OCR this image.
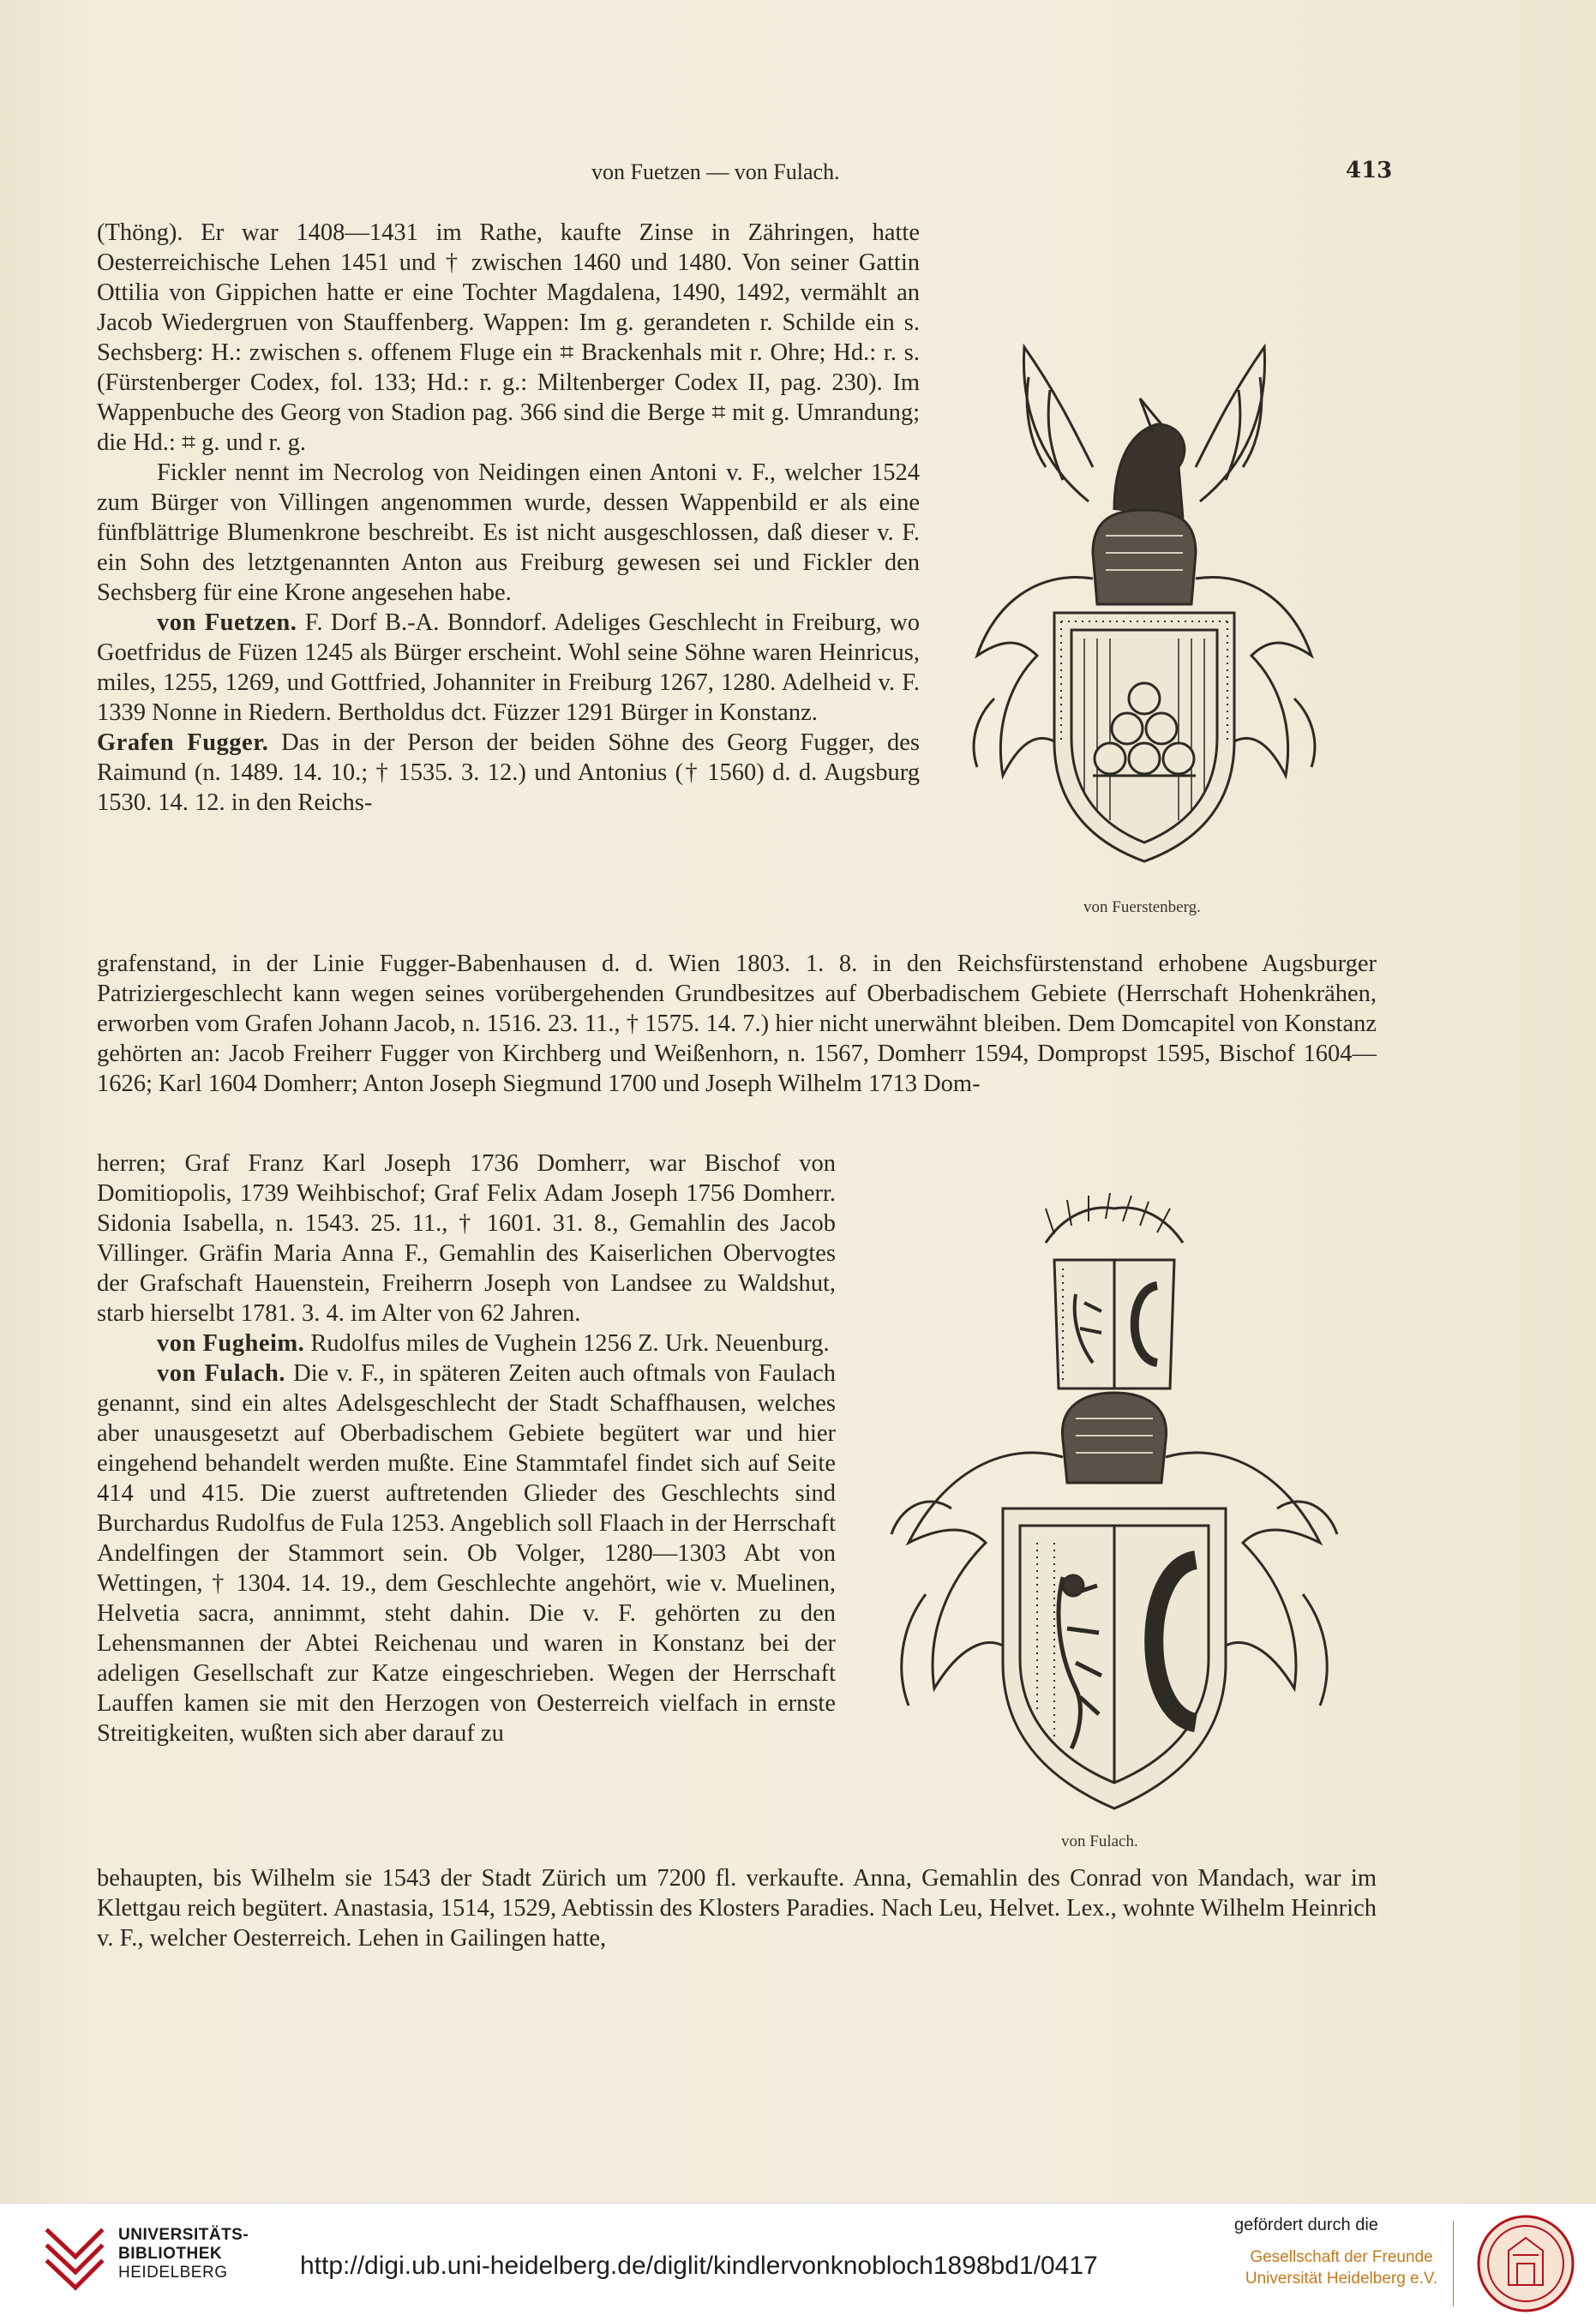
von Fuetzen — von Fulach.	413

(Thöng). Er war 1408—1431 im Rathe, kaufte Zinse in Zähringen, hatte Oesterreichische Lehen 1451 und † zwischen 1460 und 1480. Von seiner Gattin Ottilia von Gippichen hatte er eine Tochter Magdalena, 1490, 1492, vermählt an Jacob Wiedergruen von Stauffenberg. Wappen: Im g. gerandeten r. Schilde ein s. Sechsberg: H.: zwischen s. offenem Fluge ein ⌗ Brackenhals mit r. Ohre; Hd.: r. s. (Fürstenberger Codex, fol. 133; Hd.: r. g.: Miltenberger Codex II, pag. 230). Im Wappenbuche des Georg von Stadion pag. 366 sind die Berge ⌗ mit g. Umrandung; die Hd.: ⌗ g. und r. g.

Fickler nennt im Necrolog von Neidingen einen Antoni v. F., welcher 1524 zum Bürger von Villingen angenommen wurde, dessen Wappenbild er als eine fünfblättrige Blumenkrone beschreibt. Es ist nicht ausgeschlossen, daß dieser v. F. ein Sohn des letztgenannten Anton aus Freiburg gewesen sei und Fickler den Sechsberg für eine Krone angesehen habe.

von Fuetzen. F. Dorf B.-A. Bonndorf. Adeliges Geschlecht in Freiburg, wo Goetfridus de Füzen 1245 als Bürger erscheint. Wohl seine Söhne waren Heinricus, miles, 1255, 1269, und Gottfried, Johanniter in Freiburg 1267, 1280. Adelheid v. F. 1339 Nonne in Riedern. Bertholdus dct. Füzzer 1291 Bürger in Konstanz.

Grafen Fugger. Das in der Person der beiden Söhne des Georg Fugger, des Raimund (n. 1489. 14. 10.; † 1535. 3. 12.) und Antonius († 1560) d. d. Augsburg 1530. 14. 12. in den Reichs-

grafenstand, in der Linie Fugger-Babenhausen d. d. Wien 1803. 1. 8. in den Reichsfürstenstand erhobene Augsburger Patriziergeschlecht kann wegen seines vorübergehenden Grundbesitzes auf Oberbadischem Gebiete (Herrschaft Hohenkrähen, erworben vom Grafen Johann Jacob, n. 1516. 23. 11., † 1575. 14. 7.) hier nicht unerwähnt bleiben. Dem Domcapitel von Konstanz gehörten an: Jacob Freiherr Fugger von Kirchberg und Weißenhorn, n. 1567, Domherr 1594, Dompropst 1595, Bischof 1604—1626; Karl 1604 Domherr; Anton Joseph Siegmund 1700 und Joseph Wilhelm 1713 Dom-

herren; Graf Franz Karl Joseph 1736 Domherr, war Bischof von Domitiopolis, 1739 Weihbischof; Graf Felix Adam Joseph 1756 Domherr. Sidonia Isabella, n. 1543. 25. 11., † 1601. 31. 8., Gemahlin des Jacob Villinger. Gräfin Maria Anna F., Gemahlin des Kaiserlichen Obervogtes der Grafschaft Hauenstein, Freiherrn Joseph von Landsee zu Waldshut, starb hierselbt 1781. 3. 4. im Alter von 62 Jahren.

von Fugheim. Rudolfus miles de Vughein 1256 Z. Urk. Neuenburg.

von Fulach. Die v. F., in späteren Zeiten auch oftmals von Faulach genannt, sind ein altes Adelsgeschlecht der Stadt Schaffhausen, welches aber unausgesetzt auf Oberbadischem Gebiete begütert war und hier eingehend behandelt werden mußte. Eine Stammtafel findet sich auf Seite 414 und 415. Die zuerst auftretenden Glieder des Geschlechts sind Burchardus Rudolfus de Fula 1253. Angeblich soll Flaach in der Herrschaft Andelfingen der Stammort sein. Ob Volger, 1280—1303 Abt von Wettingen, † 1304. 14. 19., dem Geschlechte angehört, wie v. Muelinen, Helvetia sacra, annimmt, steht dahin. Die v. F. gehörten zu den Lehensmannen der Abtei Reichenau und waren in Konstanz bei der adeligen Gesellschaft zur Katze eingeschrieben. Wegen der Herrschaft Lauffen kamen sie mit den Herzogen von Oesterreich vielfach in ernste Streitigkeiten, wußten sich aber darauf zu

behaupten, bis Wilhelm sie 1543 der Stadt Zürich um 7200 fl. verkaufte. Anna, Gemahlin des Conrad von Mandach, war im Klettgau reich begütert. Anastasia, 1514, 1529, Aebtissin des Klosters Paradies. Nach Leu, Helvet. Lex., wohnte Wilhelm Heinrich v. F., welcher Oesterreich. Lehen in Gailingen hatte,

von Fuerstenberg.
von Fulach.
UNIVERSITÄTS-
BIBLIOTHEK
HEIDELBERG	http://digi.ub.uni-heidelberg.de/diglit/kindlervonknobloch1898bd1/0417
gefördert durch die
Gesellschaft der Freunde
Universität Heidelberg e.V.
